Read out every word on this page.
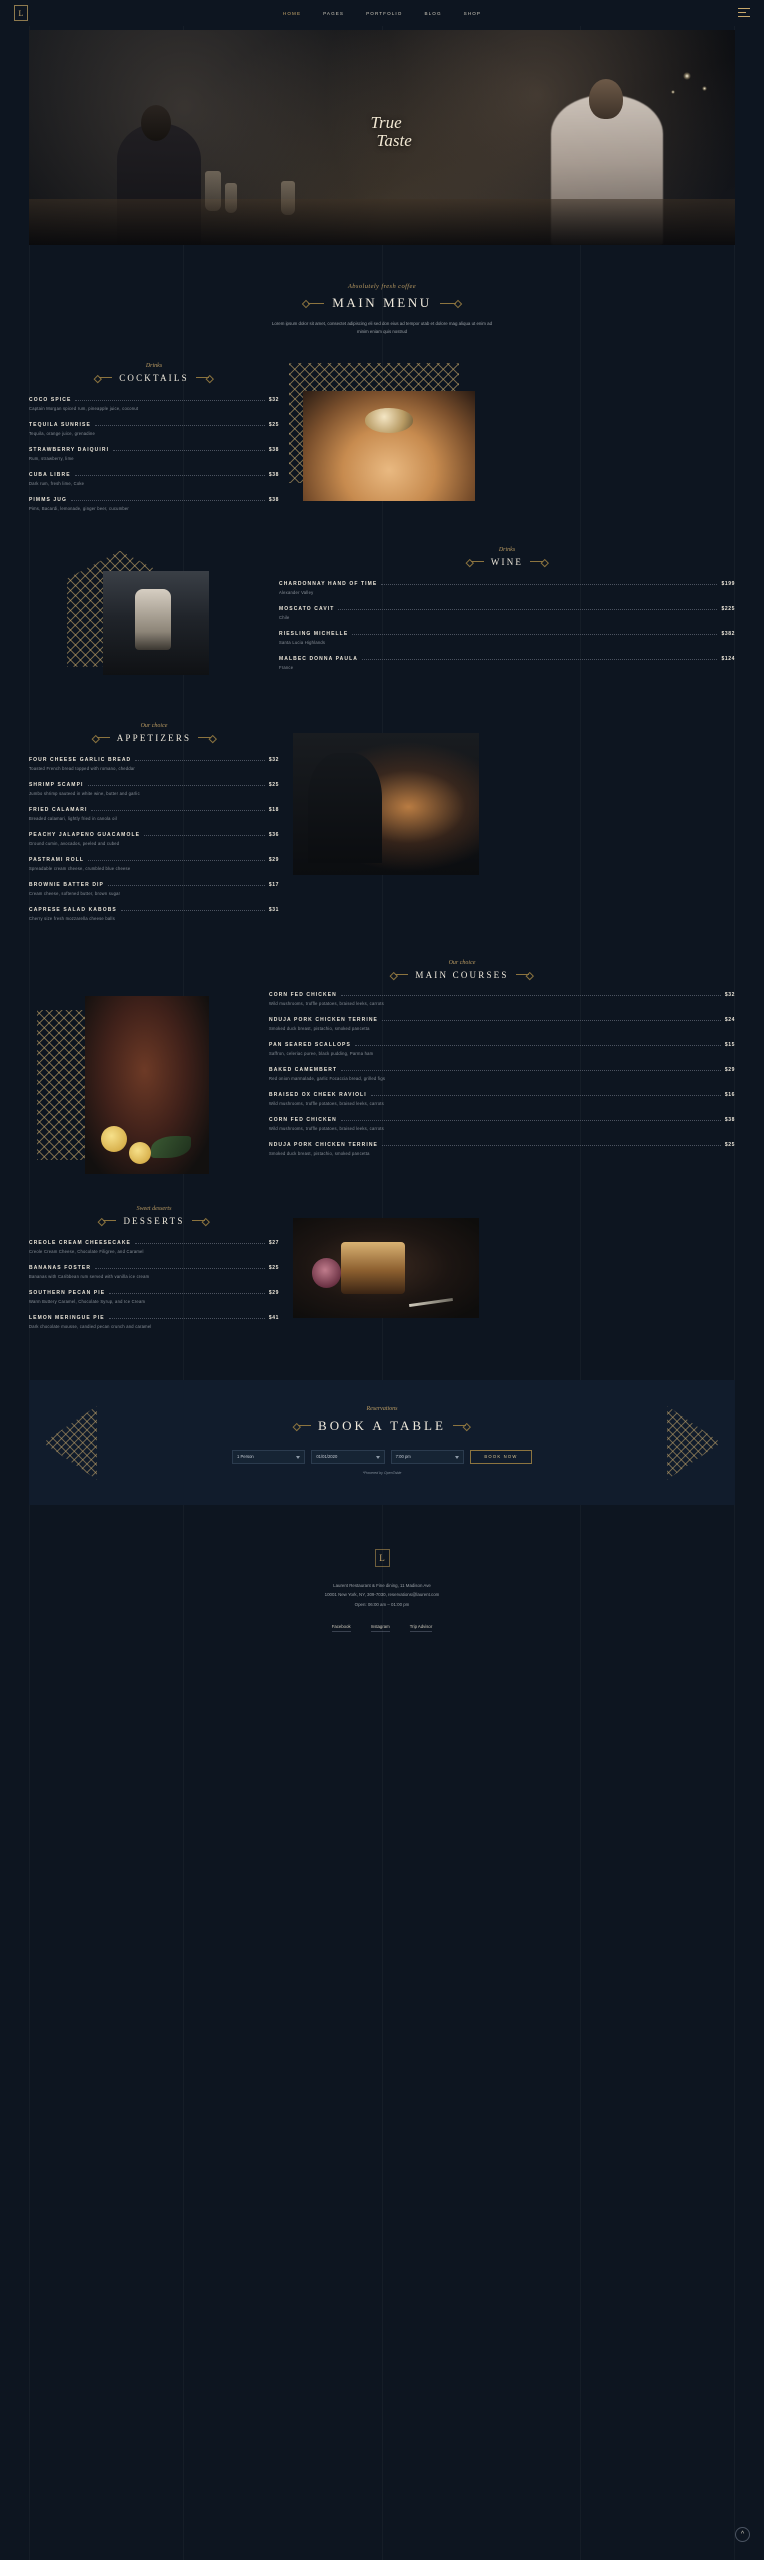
L	HOME	PAGES	PORTFOLIO	BLOG	SHOP
True
Taste
Absolutely fresh coffee
MAIN MENU

Lorem ipsum dolor sit amet, consectet adipiscing eli sed don eius ad tempor utab et dolore mag aliqua ut enim ad minim eniam quis nostrud

Drinks
COCKTAILS
COCO SPICE	$32
Captain Morgan spiced rum, pineapple juice, coconut
TEQUILA SUNRISE	$25
Tequila, orange juice, grenadine
STRAWBERRY DAIQUIRI	$38
Rum, strawberry, lime
CUBA LIBRE	$38
Dark rum, fresh lime, Coke
PIMMS JUG	$38
Pims, Bacardi, lemonade, ginger beer, cucumber
Drinks
WINE
CHARDONNAY HAND OF TIME	$199
Alexander Valley
MOSCATO CAVIT	$225
Chile
RIESLING MICHELLE	$382
Santa Lucia Highlands
MALBEC DONNA PAULA	$124
France
Our choice
APPETIZERS
FOUR CHEESE GARLIC BREAD	$32
Toasted French bread topped with romano, cheddar
SHRIMP SCAMPI	$25
Jumbo shrimp sauteed in white wine, butter and garlic
FRIED CALAMARI	$18
Breaded calamari, lightly fried in canola oil
PEACHY JALAPENO GUACAMOLE	$36
Ground cumin, avocados, peeled and cubed
PASTRAMI ROLL	$29
Spreadable cream cheese, crumbled blue cheese
BROWNIE BATTER DIP	$17
Cream cheese, softened butter, brown sugar
CAPRESE SALAD KABOBS	$31
Cherry size fresh mozzarella cheese balls
Our choice
MAIN COURSES
CORN FED CHICKEN	$32
Wild mushrooms, truffle potatoes, braised leeks, carrots
NDUJA PORK CHICKEN TERRINE	$24
Smoked duck breast, pistachio, smoked pancetta
PAN SEARED SCALLOPS	$15
Saffron, celeriac puree, black pudding, Parma ham
BAKED CAMEMBERT	$29
Red onion marmalade, garlic Focaccia bread, grilled figs
BRAISED OX CHEEK RAVIOLI	$16
Wild mushrooms, truffle potatoes, braised leeks, carrots
CORN FED CHICKEN	$38
Wild mushrooms, truffle potatoes, braised leeks, carrots
NDUJA PORK CHICKEN TERRINE	$25
Smoked duck breast, pistachio, smoked pancetta
Sweet desserts
DESSERTS
CREOLE CREAM CHEESECAKE	$27
Creole Cream Cheese, Chocolate Filigree, and Caramel
BANANAS FOSTER	$25
Bananas with Caribbean rum served with vanilla ice cream
SOUTHERN PECAN PIE	$29
Warm Buttery Caramel, Chocolate Syrup, and Ice Cream
LEMON MERINGUE PIE	$41
Dark chocolate mousse, candied pecan crunch and caramel
Reservations
BOOK A TABLE
1 Person	01/01/2020	7:00 pm	BOOK NOW
*Powered by OpenTable
L
Laurent Restaurant & Fine dining, 11 Madison Ave
10001 New York, NY, 309-7030, reservations@laurent.com
Open: 06:00 am – 01:00 pm
Facebook	Instagram	Trip Advisor
^
